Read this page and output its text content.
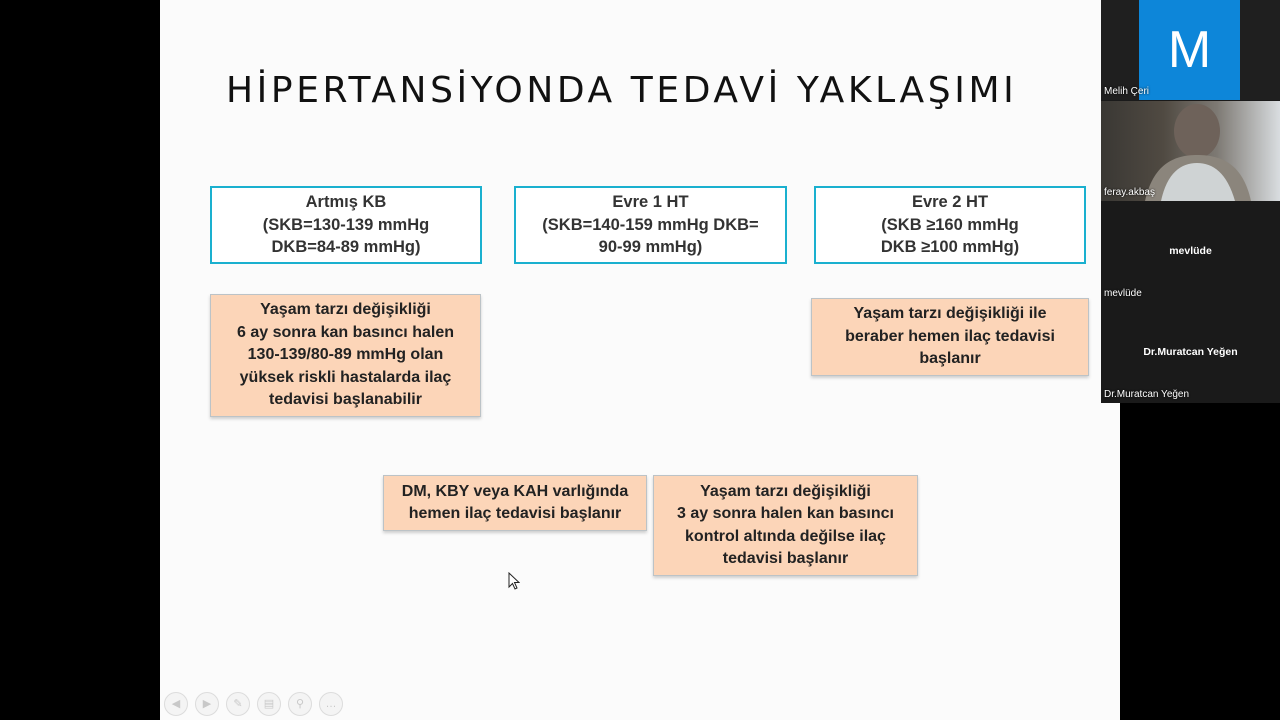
HİPERTANSİYONDA TEDAVİ YAKLAŞIMI
Artmış KB
(SKB=130-139 mmHg
DKB=84-89 mmHg)
Evre 1 HT
(SKB=140-159 mmHg DKB=
90-99 mmHg)
Evre 2 HT
(SKB ≥160 mmHg
DKB ≥100 mmHg)
Yaşam tarzı değişikliği
6 ay sonra kan basıncı halen
130-139/80-89 mmHg olan
yüksek riskli hastalarda ilaç
tedavisi başlanabilir
Yaşam tarzı değişikliği ile
beraber hemen ilaç tedavisi
başlanır
DM, KBY veya KAH varlığında
hemen ilaç tedavisi başlanır
Yaşam tarzı değişikliği
3 ay sonra halen kan basıncı
kontrol altında değilse ilaç
tedavisi başlanır
◀	▶	✎	▤	⚲	…
M
Melih Çeri
feray.akbaş
mevlüde
mevlüde
Dr.Muratcan Yeğen
Dr.Muratcan Yeğen
